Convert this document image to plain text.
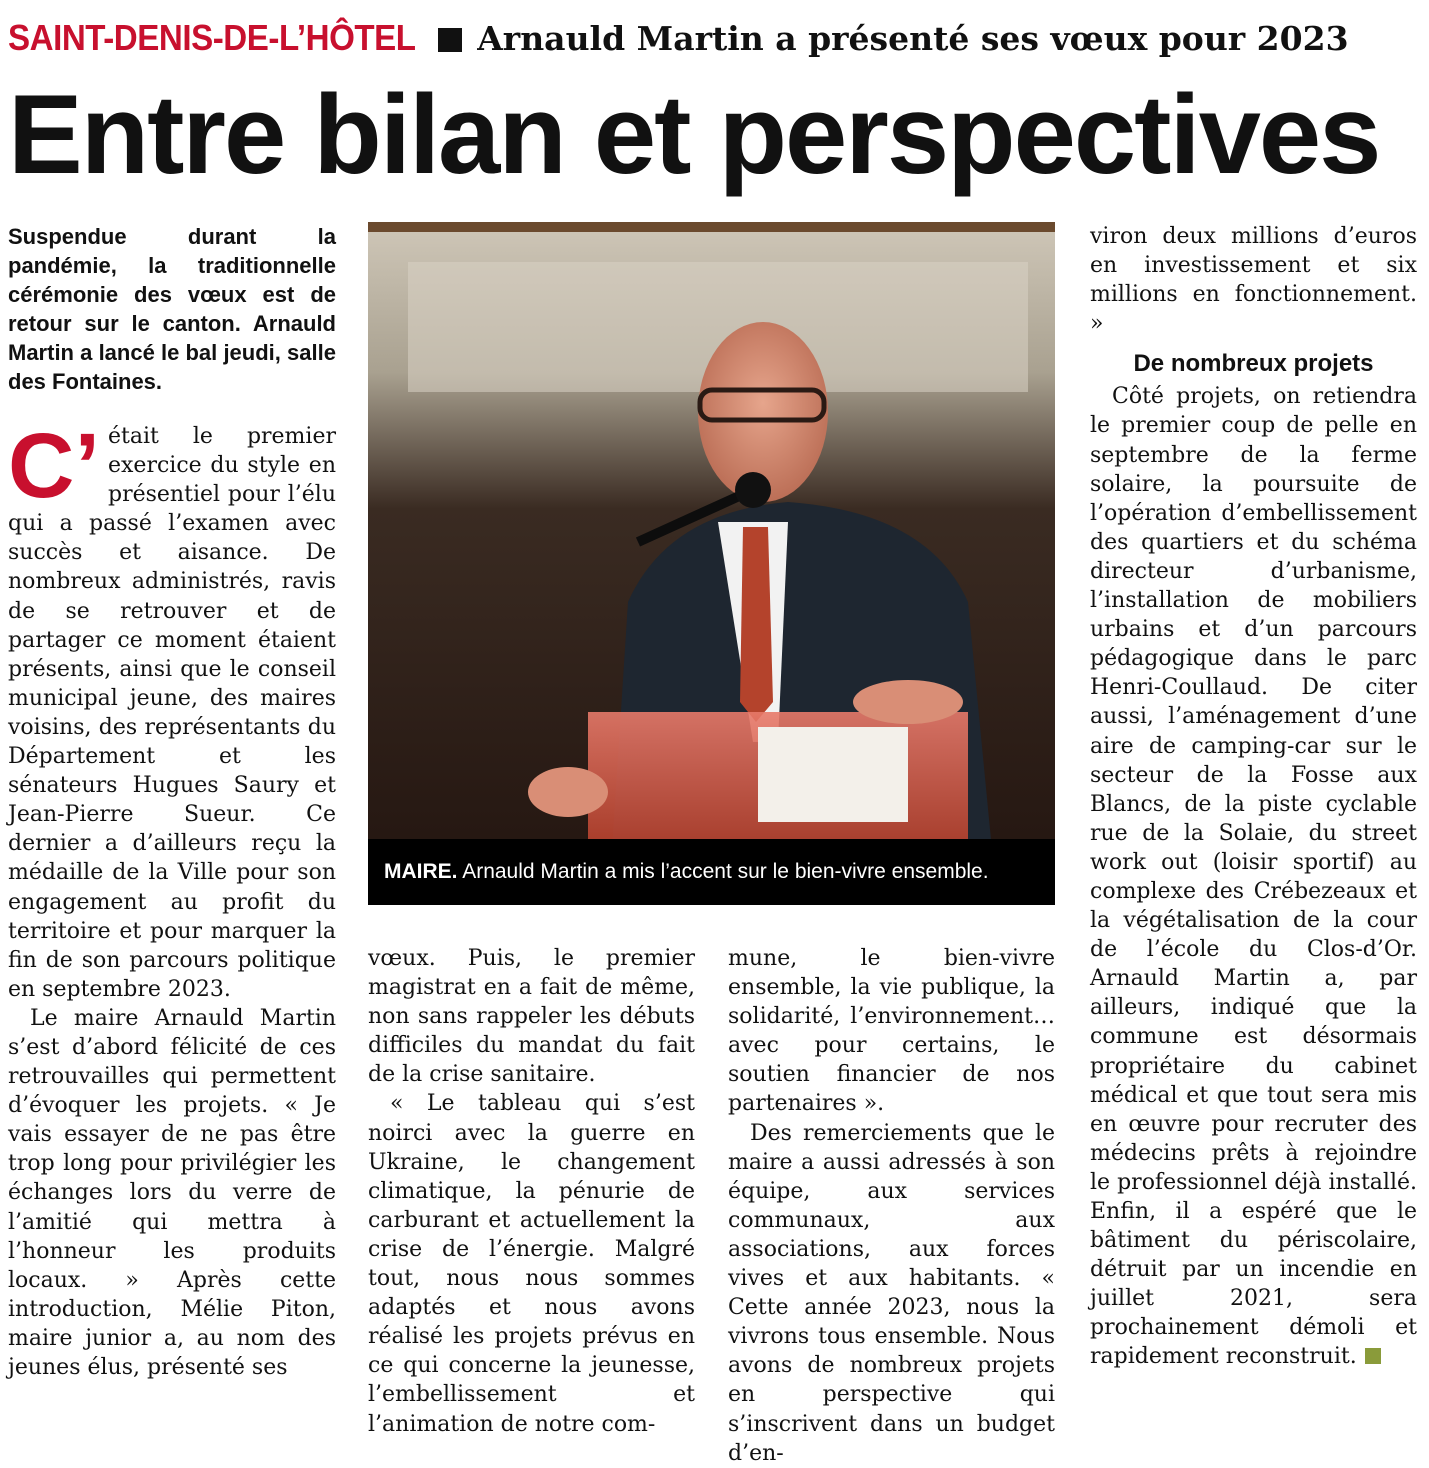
SAINT-DENIS-DE-L’HÔTEL Arnauld Martin a présenté ses vœux pour 2023
Entre bilan et perspectives
Suspendue durant la pandémie, la traditionnelle cérémonie des vœux est de retour sur le canton. Arnauld Martin a lancé le bal jeudi, salle des Fontaines.

C’ était le premier exercice du style en présentiel pour l’élu qui a passé l’examen avec succès et aisance. De nombreux administrés, ravis de se retrouver et de partager ce moment étaient présents, ainsi que le conseil municipal jeune, des maires voisins, des représentants du Département et les sénateurs Hugues Saury et Jean-Pierre Sueur. Ce dernier a d’ailleurs reçu la médaille de la Ville pour son engagement au profit du territoire et pour marquer la fin de son parcours politique en septembre 2023.

Le maire Arnauld Martin s’est d’abord félicité de ces retrouvailles qui permettent d’évoquer les projets. « Je vais essayer de ne pas être trop long pour privilégier les échanges lors du verre de l’amitié qui mettra à l’honneur les produits locaux. » Après cette introduction, Mélie Piton, maire junior a, au nom des jeunes élus, présenté ses

MAIRE. Arnauld Martin a mis l’accent sur le bien-vivre ensemble.

vœux. Puis, le premier magistrat en a fait de même, non sans rappeler les débuts difficiles du mandat du fait de la crise sanitaire.

« Le tableau qui s’est noirci avec la guerre en Ukraine, le changement climatique, la pénurie de carburant et actuellement la crise de l’énergie. Malgré tout, nous nous sommes adaptés et nous avons réalisé les projets prévus en ce qui concerne la jeunesse, l’embellissement et l’animation de notre com-

mune, le bien-vivre ensemble, la vie publique, la solidarité, l’environnement… avec pour certains, le soutien financier de nos partenaires ».

Des remerciements que le maire a aussi adressés à son équipe, aux services communaux, aux associations, aux forces vives et aux habitants. « Cette année 2023, nous la vivrons tous ensemble. Nous avons de nombreux projets en perspective qui s’inscrivent dans un budget d’en-

viron deux millions d’euros en investissement et six millions en fonctionnement. »

De nombreux projets

Côté projets, on retiendra le premier coup de pelle en septembre de la ferme solaire, la poursuite de l’opération d’embellissement des quartiers et du schéma directeur d’urbanisme, l’installation de mobiliers urbains et d’un parcours pédagogique dans le parc Henri-Coullaud. De citer aussi, l’aménagement d’une aire de camping-car sur le secteur de la Fosse aux Blancs, de la piste cyclable rue de la Solaie, du street work out (loisir sportif) au complexe des Crébezeaux et la végétalisation de la cour de l’école du Clos-d’Or. Arnauld Martin a, par ailleurs, indiqué que la commune est désormais propriétaire du cabinet médical et que tout sera mis en œuvre pour recruter des médecins prêts à rejoindre le professionnel déjà installé. Enfin, il a espéré que le bâtiment du périscolaire, détruit par un incendie en juillet 2021, sera prochainement démoli et rapidement reconstruit.
